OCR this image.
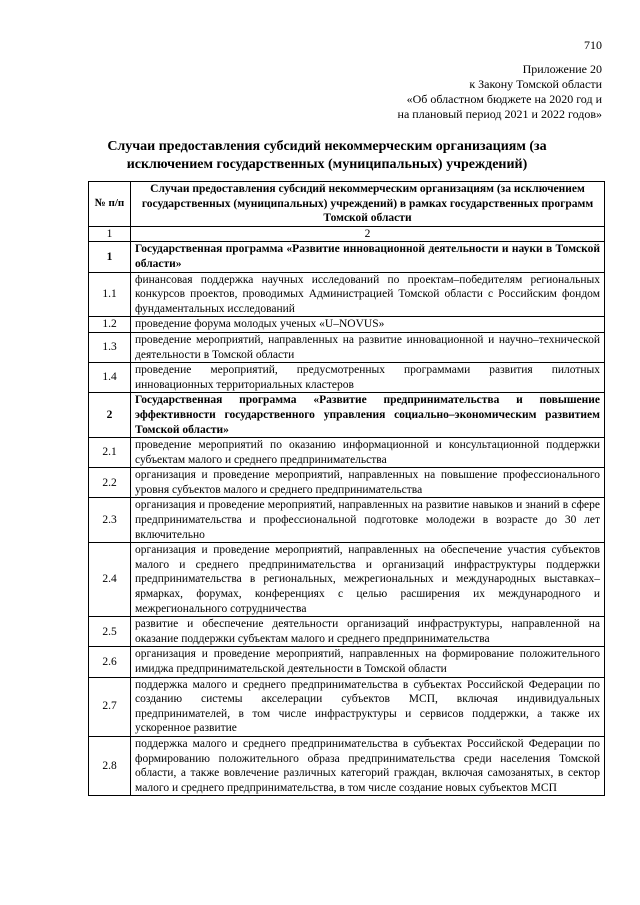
710
Приложение 20
к Закону Томской области
«Об областном бюджете на 2020 год и
на плановый период 2021 и 2022 годов»
Случаи предоставления субсидий некоммерческим организациям (за исключением государственных (муниципальных) учреждений)
№ п/п	Случаи предоставления субсидий некоммерческим организациям (за исключением государственных (муниципальных) учреждений) в рамках государственных программ Томской области
1	2
1	Государственная программа «Развитие инновационной деятельности и науки в Томской области»
1.1	финансовая поддержка научных исследований по проектам–победителям региональных конкурсов проектов, проводимых Администрацией Томской области с Российским фондом фундаментальных исследований
1.2	проведение форума молодых ученых «U–NOVUS»
1.3	проведение мероприятий, направленных на развитие инновационной и научно–технической деятельности в Томской области
1.4	проведение мероприятий, предусмотренных программами развития пилотных инновационных территориальных кластеров
2	Государственная программа «Развитие предпринимательства и повышение эффективности государственного управления социально–экономическим развитием Томской области»
2.1	проведение мероприятий по оказанию информационной и консультационной поддержки субъектам малого и среднего предпринимательства
2.2	организация и проведение мероприятий, направленных на повышение профессионального уровня субъектов малого и среднего предпринимательства
2.3	организация и проведение мероприятий, направленных на развитие навыков и знаний в сфере предпринимательства и профессиональной подготовке молодежи в возрасте до 30 лет включительно
2.4	организация и проведение мероприятий, направленных на обеспечение участия субъектов малого и среднего предпринимательства и организаций инфраструктуры поддержки предпринимательства в региональных, межрегиональных и международных выставках–ярмарках, форумах, конференциях с целью расширения их международного и межрегионального сотрудничества
2.5	развитие и обеспечение деятельности организаций инфраструктуры, направленной на оказание поддержки субъектам малого и среднего предпринимательства
2.6	организация и проведение мероприятий, направленных на формирование положительного имиджа предпринимательской деятельности в Томской области
2.7	поддержка малого и среднего предпринимательства в субъектах Российской Федерации по созданию системы акселерации субъектов МСП, включая индивидуальных предпринимателей, в том числе инфраструктуры и сервисов поддержки, а также их ускоренное развитие
2.8	поддержка малого и среднего предпринимательства в субъектах Российской Федерации по формированию положительного образа предпринимательства среди населения Томской области, а также вовлечение различных категорий граждан, включая самозанятых, в сектор малого и среднего предпринимательства, в том числе создание новых субъектов МСП
